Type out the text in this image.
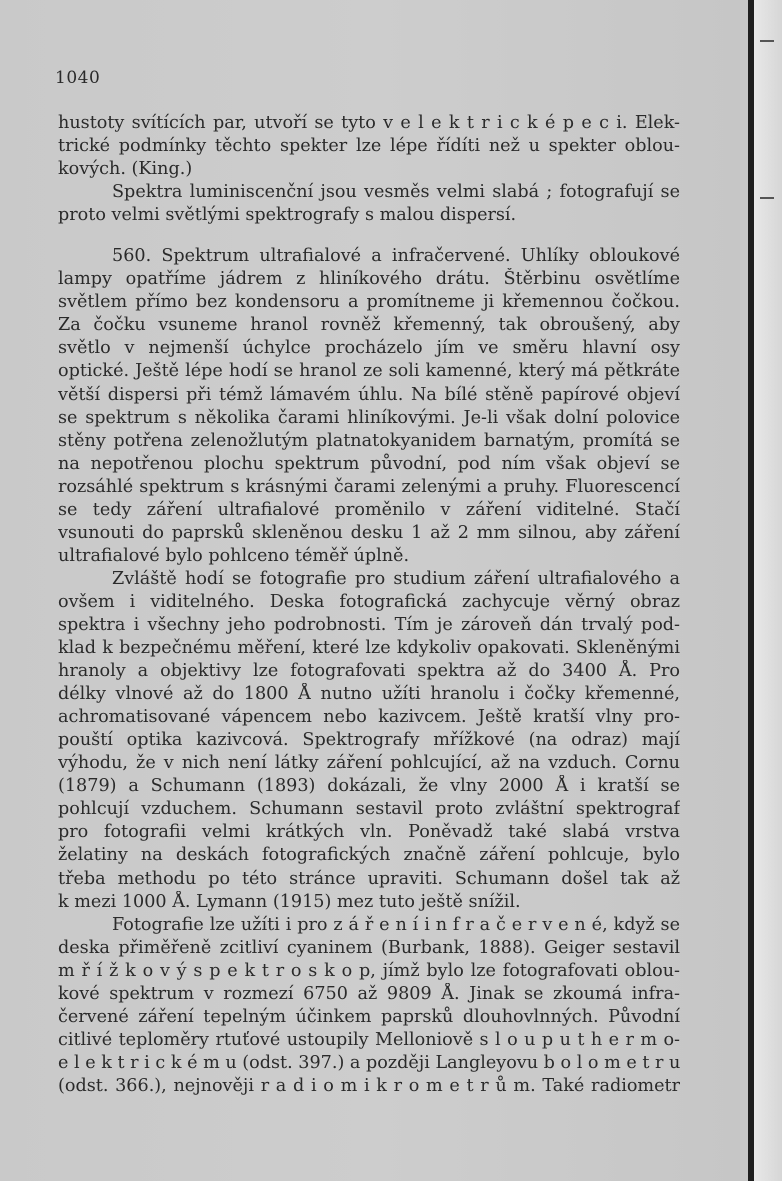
1040
hustoty svítících par, utvoří se tyto v e l e k t r i c k é p e c i. Elek-
trické podmínky těchto spekter lze lépe řídíti než u spekter oblou-
kových. (King.)
Spektra luminiscenční jsou vesměs velmi slabá ; fotografují se
proto velmi světlými spektrografy s malou dispersí.
560. Spektrum ultrafialové a infračervené. Uhlíky obloukové
lampy opatříme jádrem z hliníkového drátu. Štěrbinu osvětlíme
světlem přímo bez kondensoru a promítneme ji křemennou čočkou.
Za čočku vsuneme hranol rovněž křemenný, tak obroušený, aby
světlo v nejmenší úchylce procházelo jím ve směru hlavní osy
optické. Ještě lépe hodí se hranol ze soli kamenné, který má pětkráte
větší dispersi při témž lámavém úhlu. Na bílé stěně papírové objeví
se spektrum s několika čarami hliníkovými. Je-li však dolní polovice
stěny potřena zelenožlutým platnatokyanidem barnatým, promítá se
na nepotřenou plochu spektrum původní, pod ním však objeví se
rozsáhlé spektrum s krásnými čarami zelenými a pruhy. Fluorescencí
se tedy záření ultrafialové proměnilo v záření viditelné. Stačí
vsunouti do paprsků skleněnou desku 1 až 2 mm silnou, aby záření
ultrafialové bylo pohlceno téměř úplně.
Zvláště hodí se fotografie pro studium záření ultrafialového a
ovšem i viditelného. Deska fotografická zachycuje věrný obraz
spektra i všechny jeho podrobnosti. Tím je zároveň dán trvalý pod-
klad k bezpečnému měření, které lze kdykoliv opakovati. Skleněnými
hranoly a objektivy lze fotografovati spektra až do 3400 Å. Pro
délky vlnové až do 1800 Å nutno užíti hranolu i čočky křemenné,
achromatisované vápencem nebo kazivcem. Ještě kratší vlny pro-
pouští optika kazivcová. Spektrografy mřížkové (na odraz) mají
výhodu, že v nich není látky záření pohlcující, až na vzduch. Cornu
(1879) a Schumann (1893) dokázali, že vlny 2000 Å i kratší se
pohlcují vzduchem. Schumann sestavil proto zvláštní spektrograf
pro fotografii velmi krátkých vln. Poněvadž také slabá vrstva
želatiny na deskách fotografických značně záření pohlcuje, bylo
třeba methodu po této stránce upraviti. Schumann došel tak až
k mezi 1000 Å. Lymann (1915) mez tuto ještě snížil.
Fotografie lze užíti i pro z á ř e n í i n f r a č e r v e n é, když se
deska přiměřeně zcitliví cyaninem (Burbank, 1888). Geiger sestavil
m ř í ž k o v ý s p e k t r o s k o p, jímž bylo lze fotografovati oblou-
kové spektrum v rozmezí 6750 až 9809 Å. Jinak se zkoumá infra-
červené záření tepelným účinkem paprsků dlouhovlnných. Původní
citlivé teploměry rtuťové ustoupily Melloniově s l o u p u t h e r m o-
e l e k t r i c k é m u (odst. 397.) a později Langleyovu b o l o m e t r u
(odst. 366.), nejnověji r a d i o m i k r o m e t r ů m. Také radiometr
